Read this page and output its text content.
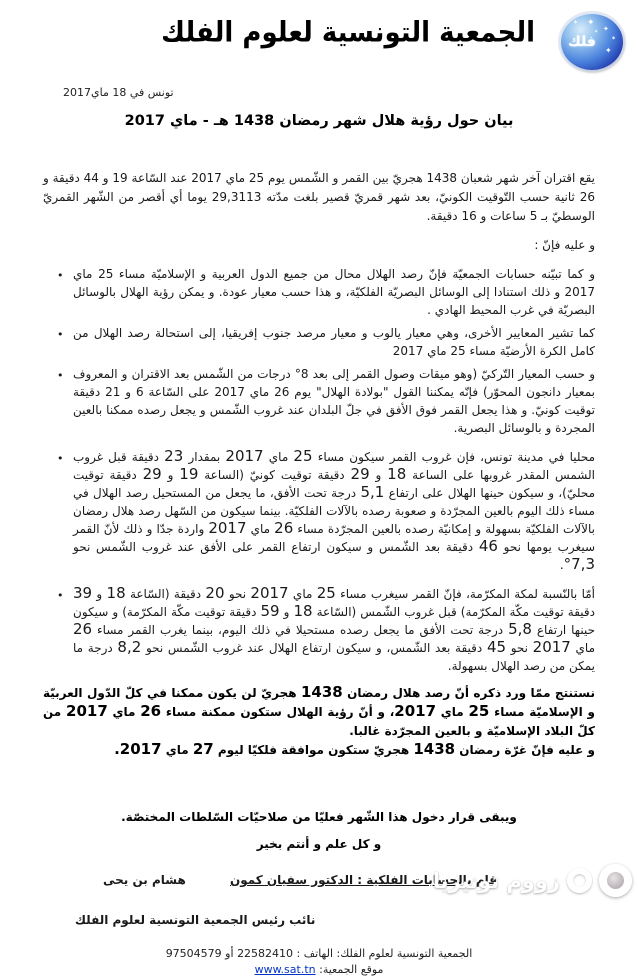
الجمعية التونسية لعلوم الفلك	✦
✦
✶
✶
✦
✶
فلك
تونس في 18 ماي2017
بيان حول رؤية هلال شهر رمضان 1438 هـ - ماي 2017
يقع اقتران آخر شهر شعبان 1438 هجريّ بين القمر و الشّمس يوم 25 ماي 2017 عند السّاعة 19 و 44 دقيقة و 26 ثانية حسب التّوقيت الكونيّ، بعد شهر قمريّ قصير بلغت مدّته 29,3113 يوما أي أقصر من الشّهر القمريّ الوسطيّ بـ 5 ساعات و 16 دقيقة.
و عليه فإنّ :
• و كما تبيّنه حسابات الجمعيّة فإنّ رصد الهلال محال من جميع الدول العربية و الإسلاميّة مساء 25 ماي 2017 و ذلك استنادا إلى الوسائل البصريّة الفلكيّة، و هذا حسب معيار عودة. و يمكن رؤية الهلال بالوسائل البصريّة في غرب المحيط الهادي .
• كما تشير المعايير الأخرى، وهي معيار يالوب و معيار مرصد جنوب إفريقيا، إلى استحالة رصد الهلال من كامل الكرة الأرضيّة مساء 25 ماي 2017
• و حسب المعيار التّركيّ (وهو ميقات وصول القمر إلى بعد 8° درجات من الشّمس بعد الاقتران و المعروف بمعيار دانجون المحوّر) فإنّه يمكننا القول "بولادة الهلال" يوم 26 ماي 2017 على السّاعة 6 و 21 دقيقة توقيت كونيّ. و هذا يجعل القمر فوق الأفق في جلّ البلدان عند غروب الشّمس و يجعل رصده ممكنا بالعين المجردة و بالوسائل البصرية.
•	محليا في مدينة تونس، فإن غروب القمر سيكون مساء 25 ماي 2017 بمقدار 23 دقيقة قبل غروب الشمس المقدر غروبها على الساعة 18 و 29 دقيقة توقيت كونيّ (الساعة 19 و 29 دقيقة توقيت محليّ)، و سيكون حينها الهلال على ارتفاع 5,1 درجة تحت الأفق، ما يجعل من المستحيل رصد الهلال في مساء ذلك اليوم بالعين المجرّدة و صعوبة رصده بالآلات الفلكيّة. بينما سيكون من السّهل رصد هلال رمضان بالآلات الفلكيّة بسهولة و إمكانيّة رصده بالعين المجرّدة مساء 26 ماي 2017 واردة جدّا و ذلك لأنّ القمر سيغرب يومها نحو 46 دقيقة بعد الشّمس و سيكون ارتفاع القمر على الأفق عند غروب الشّمس نحو 7,3°.
•	أمّا بالنّسبة لمكة المكرّمة، فإنّ القمر سيغرب مساء 25 ماي 2017 نحو 20 دقيقة (السّاعة 18 و 39 دقيقة توقيت مكّة المكرّمة) قبل غروب الشّمس (السّاعة 18 و 59 دقيقة توقيت مكّة المكرّمة) و سيكون حينها ارتفاع 5,8 درجة تحت الأفق ما يجعل رصده مستحيلا في ذلك اليوم، بينما يغرب القمر مساء 26 ماي 2017 نحو 45 دقيقة بعد الشّمس، و سيكون ارتفاع الهلال عند غروب الشّمس نحو 8,2 درجة ما يمكن من رصد الهلال بسهولة.

نستنتج ممّا ورد ذكره أنّ رصد هلال رمضان 1438 هجريّ لن يكون ممكنا في كلّ الدّول العربيّة و الإسلاميّة مساء 25 ماي 2017، و أنّ رؤية الهلال ستكون ممكنة مساء 26 ماي 2017 من كلّ البلاد الإسلاميّة و بالعين المجرّدة غالبا.

و عليه فإنّ غرّة رمضان 1438 هجريّ ستكون موافقة فلكيّا ليوم 27 ماي 2017.

ويبقى قرار دخول هذا الشّهر فعليّا من صلاحيّات السّلطات المختصّة.
و كل علم و أنتم بخير
قام بالحسابات الفلكية : الدكتور سفيان كمون
هشام بن يحى
نائب رئيس الجمعية التونسية لعلوم الفلك
الجمعية التونسية لعلوم الفلك: الهاتف : 22582410 أو 97504579
موقع الجمعية: www.sat.tn
زووم تونيزيا
